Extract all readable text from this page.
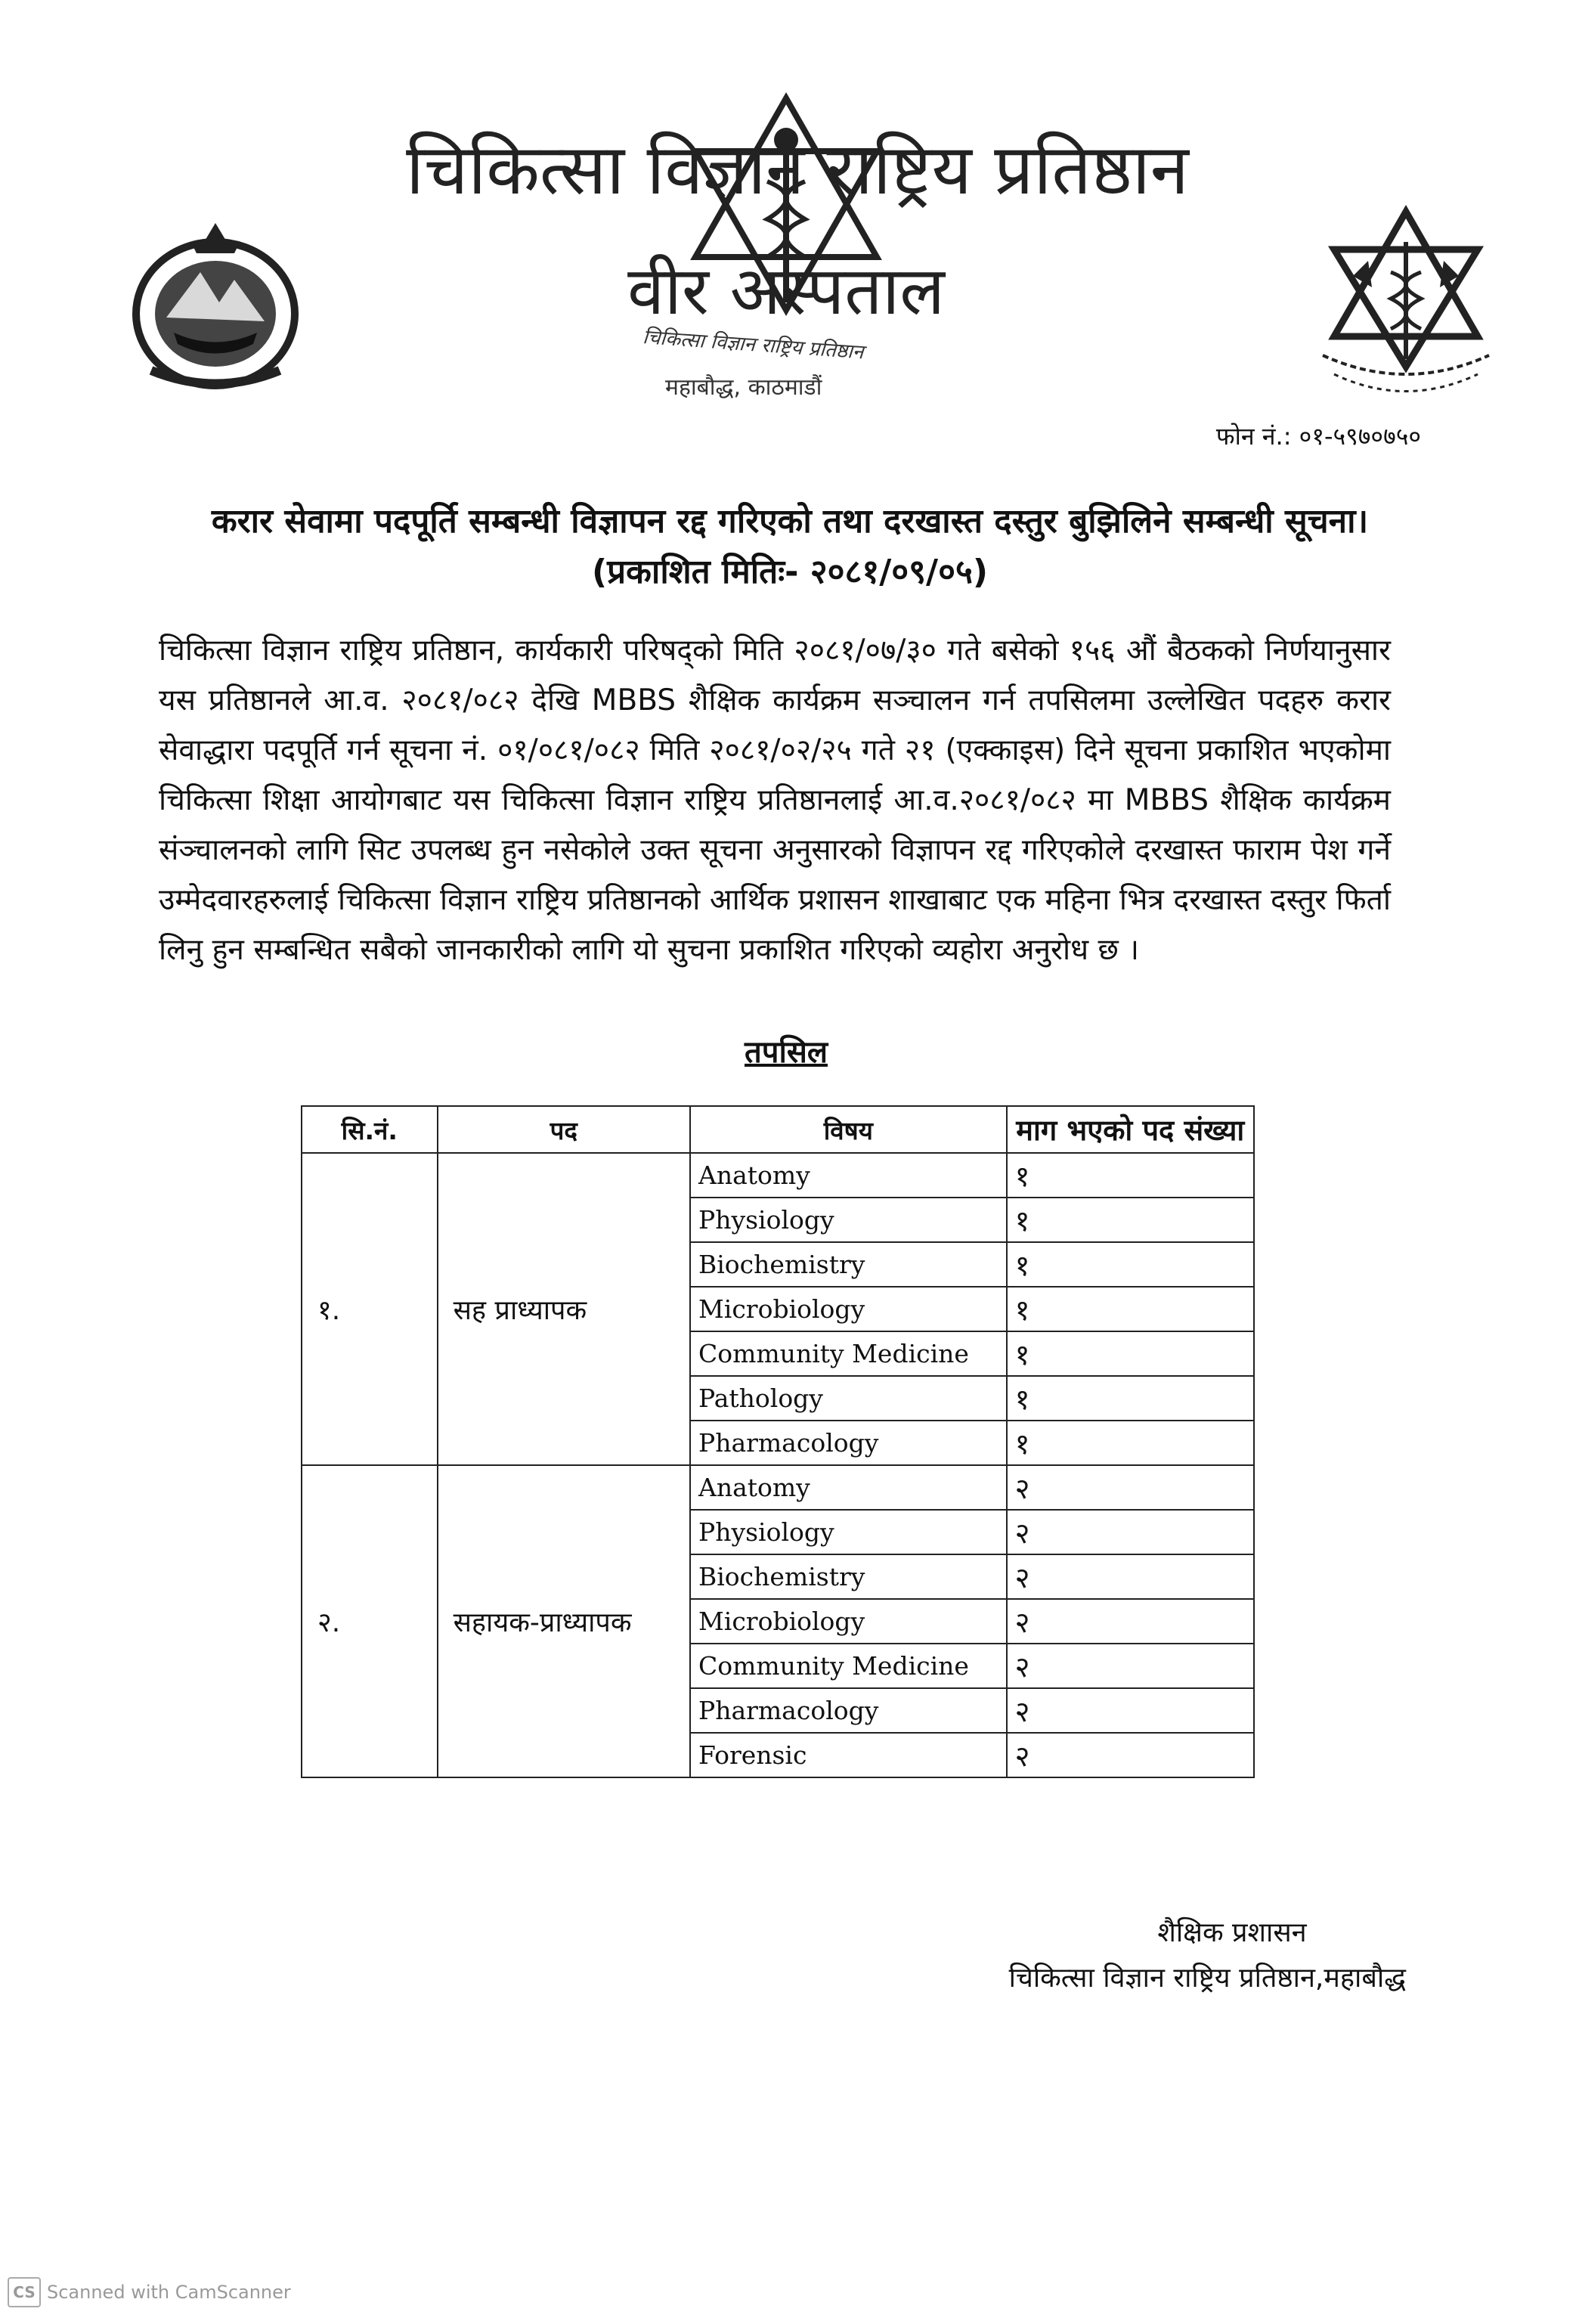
चिकित्सा विज्ञान राष्ट्रिय प्रतिष्ठान
वीर अस्पताल
चिकित्सा विज्ञान राष्ट्रिय प्रतिष्ठान
महाबौद्ध, काठमाडौं
फोन नं.: ०१-५९७०७५०
करार सेवामा पदपूर्ति सम्बन्धी विज्ञापन रद्द गरिएको तथा दरखास्त दस्तुर बुझिलिने सम्बन्धी सूचना।
(प्रकाशित मितिः- २०८१/०९/०५)
चिकित्सा विज्ञान राष्ट्रिय प्रतिष्ठान, कार्यकारी परिषद्को मिति २०८१/०७/३० गते बसेको १५६ औं बैठकको निर्णयानुसार यस प्रतिष्ठानले आ.व. २०८१/०८२ देखि MBBS शैक्षिक कार्यक्रम सञ्चालन गर्न तपसिलमा उल्लेखित पदहरु करार सेवाद्धारा पदपूर्ति गर्न सूचना नं. ०१/०८१/०८२ मिति २०८१/०२/२५ गते २१ (एक्काइस) दिने सूचना प्रकाशित भएकोमा चिकित्सा शिक्षा आयोगबाट यस चिकित्सा विज्ञान राष्ट्रिय प्रतिष्ठानलाई आ.व.२०८१/०८२ मा MBBS शैक्षिक कार्यक्रम संञ्चालनको लागि सिट उपलब्ध हुन नसेकोले उक्त सूचना अनुसारको विज्ञापन रद्द गरिएकोले दरखास्त फाराम पेश गर्ने उम्मेदवारहरुलाई चिकित्सा विज्ञान राष्ट्रिय प्रतिष्ठानको आर्थिक प्रशासन शाखाबाट एक महिना भित्र दरखास्त दस्तुर फिर्ता लिनु हुन सम्बन्धित सबैको जानकारीको लागि यो सुचना प्रकाशित गरिएको व्यहोरा अनुरोध छ ।
तपसिल
सि.नं.	पद	विषय	माग भएको पद संख्या
१.	सह प्राध्यापक	Anatomy	१
		Physiology	१
		Biochemistry	१
		Microbiology	१
		Community Medicine	१
		Pathology	१
		Pharmacology	१
२.	सहायक-प्राध्यापक	Anatomy	२
		Physiology	२
		Biochemistry	२
		Microbiology	२
		Community Medicine	२
		Pharmacology	२
		Forensic	२
शैक्षिक प्रशासन
चिकित्सा विज्ञान राष्ट्रिय प्रतिष्ठान,महाबौद्ध
CS Scanned with CamScanner
